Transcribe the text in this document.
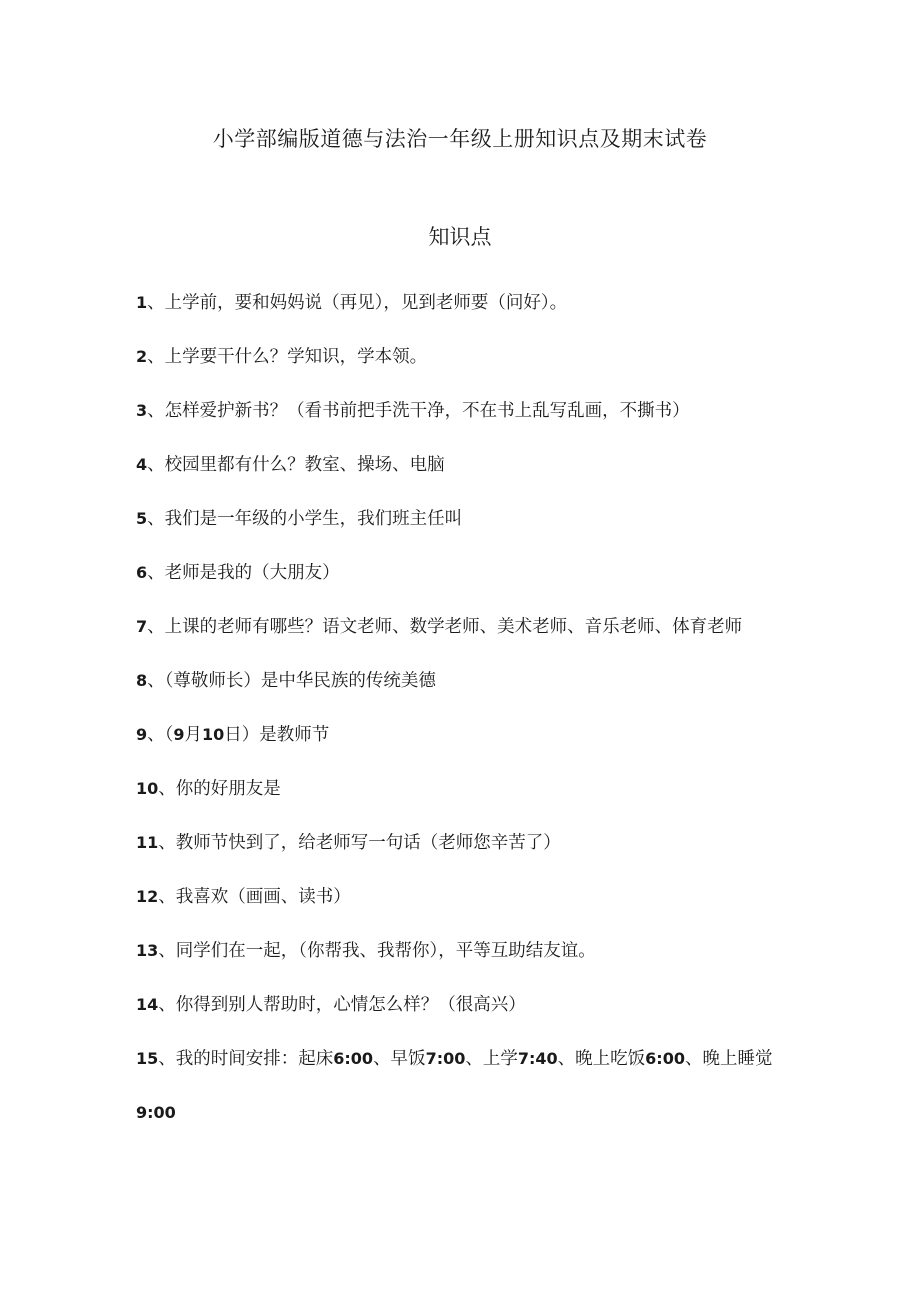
小学部编版道德与法治一年级上册知识点及期末试卷
知识点
1、上学前，要和妈妈说（再见），见到老师要（问好）。
2、上学要干什么？学知识，学本领。
3、怎样爱护新书？（看书前把手洗干净，不在书上乱写乱画，不撕书）
4、校园里都有什么？教室、操场、电脑
5、我们是一年级的小学生，我们班主任叫
6、老师是我的（大朋友）
7、上课的老师有哪些？语文老师、数学老师、美术老师、音乐老师、体育老师
8、（尊敬师长）是中华民族的传统美德
9、（9月10日）是教师节
10、你的好朋友是
11、教师节快到了，给老师写一句话（老师您辛苦了）
12、我喜欢（画画、读书）
13、同学们在一起，（你帮我、我帮你），平等互助结友谊。
14、你得到别人帮助时，心情怎么样？（很高兴）
15、我的时间安排：起床6:00、早饭7:00、上学7:40、晚上吃饭6:00、晚上睡觉9:00
